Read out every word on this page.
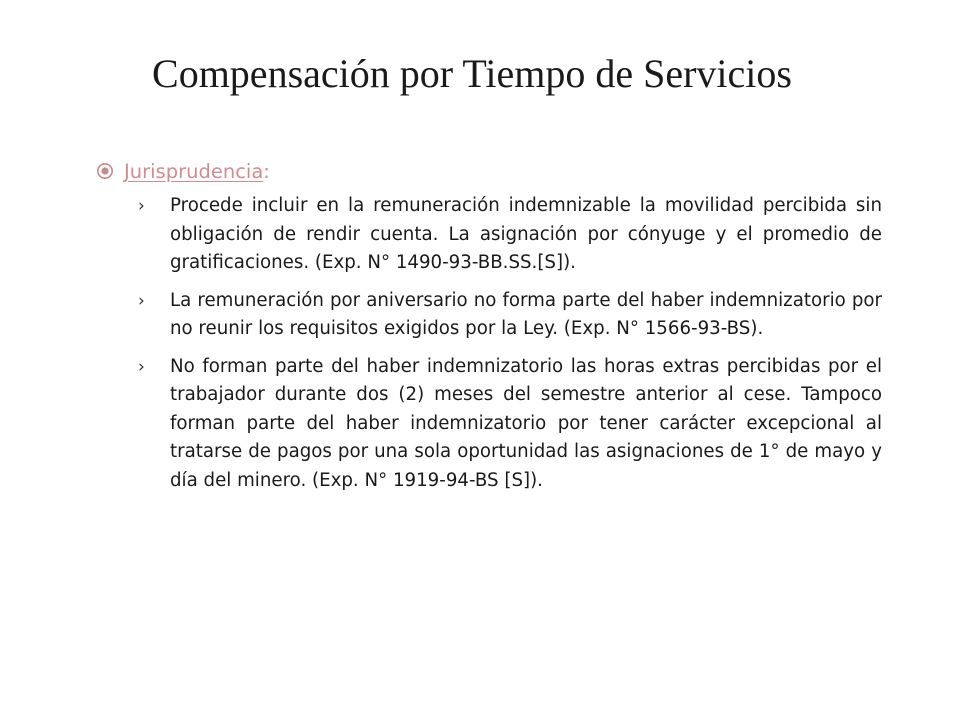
Compensación por Tiempo de Servicios
Jurisprudencia:
› Procede incluir en la remuneración indemnizable la movilidad percibida sin obligación de rendir cuenta. La asignación por cónyuge y el promedio de gratificaciones. (Exp. N° 1490-93-BB.SS.[S]).
› La remuneración por aniversario no forma parte del haber indemnizatorio por no reunir los requisitos exigidos por la Ley. (Exp. N° 1566-93-BS).
› No forman parte del haber indemnizatorio las horas extras percibidas por el trabajador durante dos (2) meses del semestre anterior al cese. Tampoco forman parte del haber indemnizatorio por tener carácter excepcional al tratarse de pagos por una sola oportunidad las asignaciones de 1° de mayo y día del minero. (Exp. N° 1919-94-BS [S]).
